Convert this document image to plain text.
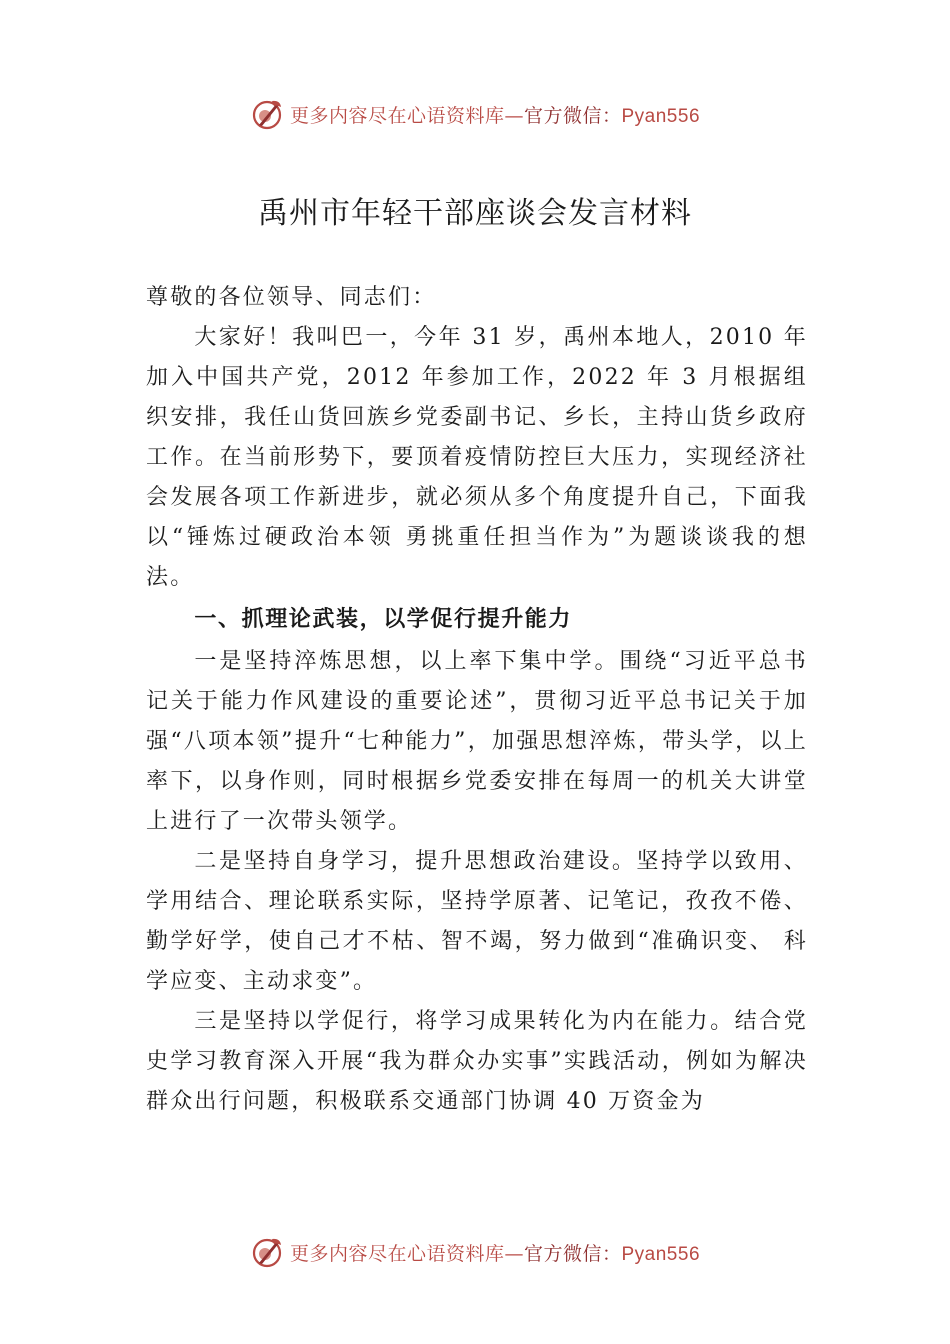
更多内容尽在心语资料库—官方微信：Pyan556
禹州市年轻干部座谈会发言材料

尊敬的各位领导、同志们：

大家好！我叫巴一，今年 31 岁，禹州本地人，2010 年加入中国共产党，2012 年参加工作，2022 年 3 月根据组织安排，我任山货回族乡党委副书记、乡长，主持山货乡政府工作。在当前形势下，要顶着疫情防控巨大压力，实现经济社会发展各项工作新进步，就必须从多个角度提升自己，下面我以“锤炼过硬政治本领 勇挑重任担当作为”为题谈谈我的想法。

一、抓理论武装，以学促行提升能力

一是坚持淬炼思想，以上率下集中学。围绕“习近平总书记关于能力作风建设的重要论述”，贯彻习近平总书记关于加强“八项本领”提升“七种能力”，加强思想淬炼，带头学，以上率下，以身作则，同时根据乡党委安排在每周一的机关大讲堂上进行了一次带头领学。

二是坚持自身学习，提升思想政治建设。坚持学以致用、学用结合、理论联系实际，坚持学原著、记笔记，孜孜不倦、勤学好学，使自己才不枯、智不竭，努力做到“准确识变、 科学应变、主动求变”。

三是坚持以学促行，将学习成果转化为内在能力。结合党史学习教育深入开展“我为群众办实事”实践活动，例如为解决群众出行问题，积极联系交通部门协调 40 万资金为

更多内容尽在心语资料库—官方微信：Pyan556
